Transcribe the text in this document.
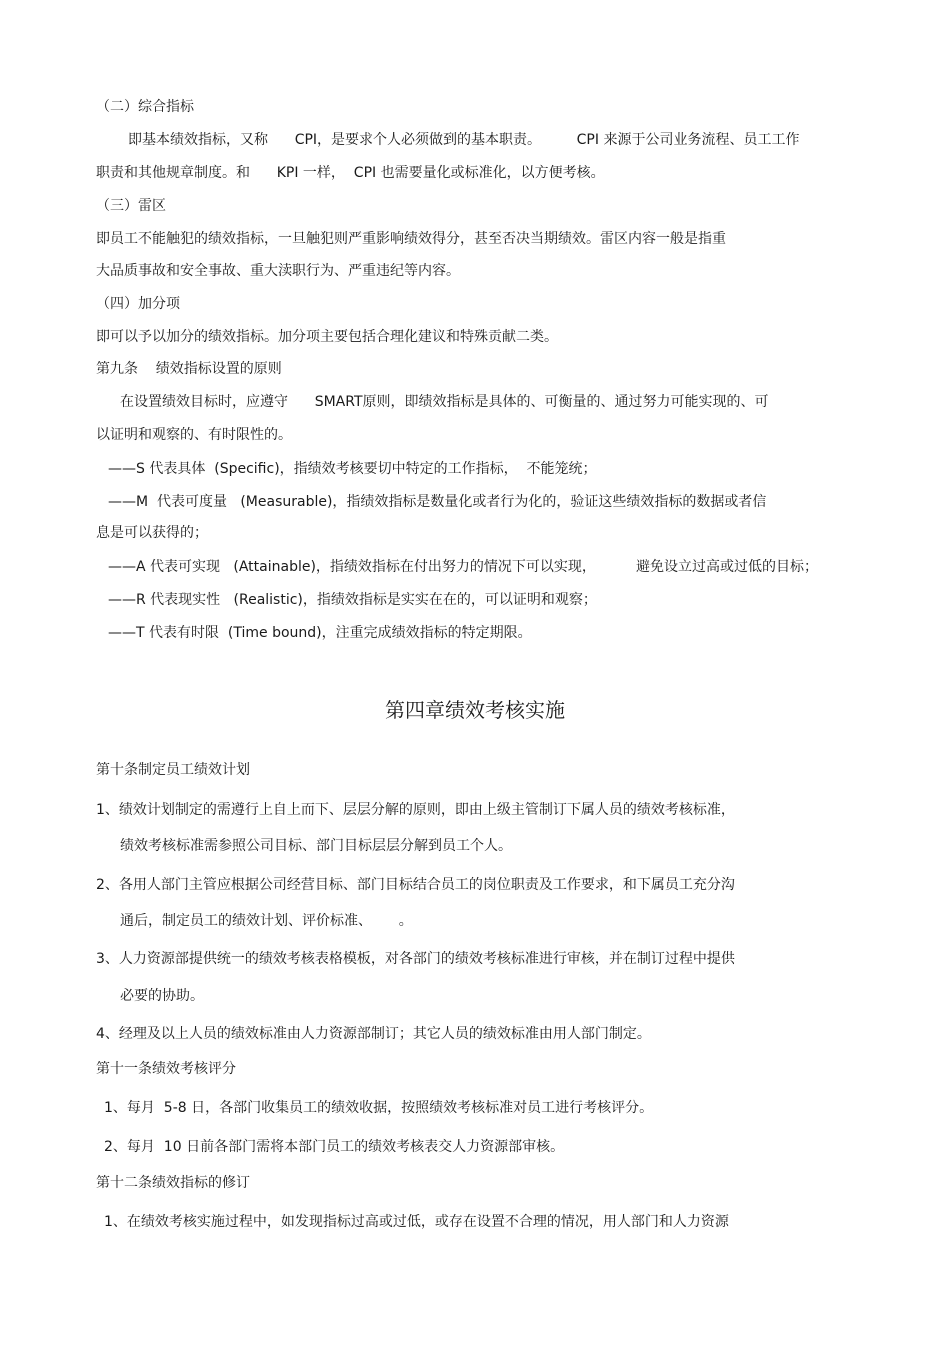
（二）综合指标
即基本绩效指标，又称      CPI，是要求个人必须做到的基本职责。        CPI 来源于公司业务流程、员工工作
职责和其他规章制度。和      KPI 一样，  CPI 也需要量化或标准化，以方便考核。
（三）雷区
即员工不能触犯的绩效指标，一旦触犯则严重影响绩效得分，甚至否决当期绩效。雷区内容一般是指重
大品质事故和安全事故、重大渎职行为、严重违纪等内容。
（四）加分项
即可以予以加分的绩效指标。加分项主要包括合理化建议和特殊贡献二类。
第九条    绩效指标设置的原则
在设置绩效目标时，应遵守      SMART原则，即绩效指标是具体的、可衡量的、通过努力可能实现的、可
以证明和观察的、有时限性的。
——S 代表具体  (Specific)，指绩效考核要切中特定的工作指标，  不能笼统；
——M  代表可度量   (Measurable)，指绩效指标是数量化或者行为化的，验证这些绩效指标的数据或者信
息是可以获得的；
——A 代表可实现   (Attainable)，指绩效指标在付出努力的情况下可以实现，         避免设立过高或过低的目标；
——R 代表现实性   (Realistic)，指绩效指标是实实在在的，可以证明和观察；
——T 代表有时限  (Time bound)，注重完成绩效指标的特定期限。
第四章绩效考核实施
第十条制定员工绩效计划
1、绩效计划制定的需遵行上自上而下、层层分解的原则，即由上级主管制订下属人员的绩效考核标准，
绩效考核标准需参照公司目标、部门目标层层分解到员工个人。
2、各用人部门主管应根据公司经营目标、部门目标结合员工的岗位职责及工作要求，和下属员工充分沟
通后，制定员工的绩效计划、评价标准、      。
3、人力资源部提供统一的绩效考核表格模板，对各部门的绩效考核标准进行审核，并在制订过程中提供
必要的协助。
4、经理及以上人员的绩效标准由人力资源部制订；其它人员的绩效标准由用人部门制定。
第十一条绩效考核评分
1、每月  5-8 日，各部门收集员工的绩效收据，按照绩效考核标准对员工进行考核评分。
2、每月  10 日前各部门需将本部门员工的绩效考核表交人力资源部审核。
第十二条绩效指标的修订
1、在绩效考核实施过程中，如发现指标过高或过低，或存在设置不合理的情况，用人部门和人力资源
